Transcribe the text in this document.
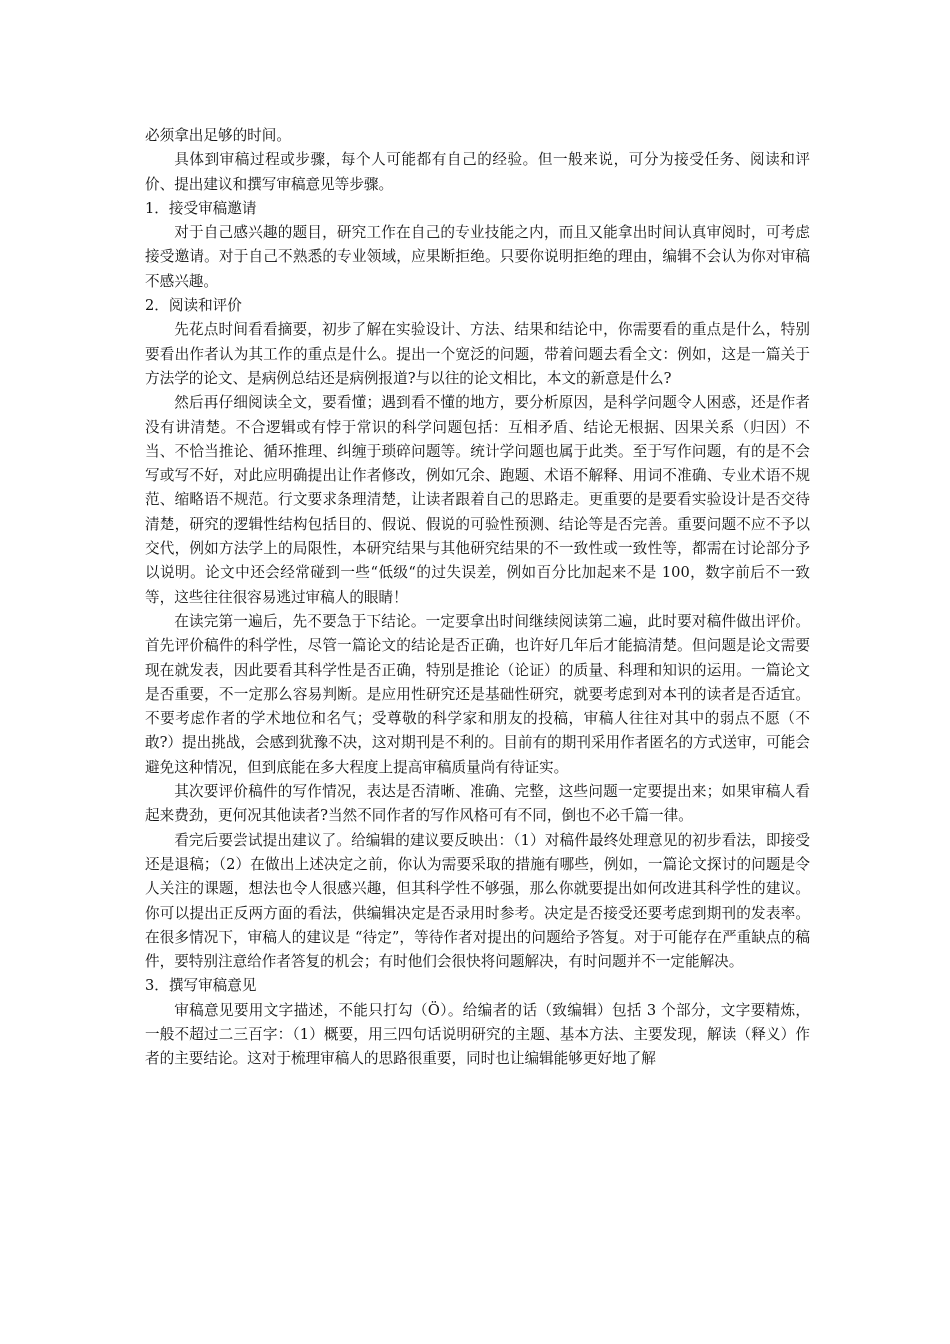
必须拿出足够的时间。

具体到审稿过程或步骤，每个人可能都有自己的经验。但一般来说，可分为接受任务、阅读和评价、提出建议和撰写审稿意见等步骤。

1．接受审稿邀请

对于自己感兴趣的题目，研究工作在自己的专业技能之内，而且又能拿出时间认真审阅时，可考虑接受邀请。对于自己不熟悉的专业领域，应果断拒绝。只要你说明拒绝的理由，编辑不会认为你对审稿不感兴趣。

2．阅读和评价

先花点时间看看摘要，初步了解在实验设计、方法、结果和结论中，你需要看的重点是什么，特别要看出作者认为其工作的重点是什么。提出一个宽泛的问题，带着问题去看全文：例如，这是一篇关于方法学的论文、是病例总结还是病例报道?与以往的论文相比，本文的新意是什么?

然后再仔细阅读全文，要看懂；遇到看不懂的地方，要分析原因，是科学问题令人困惑，还是作者没有讲清楚。不合逻辑或有悖于常识的科学问题包括：互相矛盾、结论无根据、因果关系（归因）不当、不恰当推论、循环推理、纠缠于琐碎问题等。统计学问题也属于此类。至于写作问题，有的是不会写或写不好，对此应明确提出让作者修改，例如冗余、跑题、术语不解释、用词不准确、专业术语不规范、缩略语不规范。行文要求条理清楚，让读者跟着自己的思路走。更重要的是要看实验设计是否交待清楚，研究的逻辑性结构包括目的、假说、假说的可验性预测、结论等是否完善。重要问题不应不予以交代，例如方法学上的局限性，本研究结果与其他研究结果的不一致性或一致性等，都需在讨论部分予以说明。论文中还会经常碰到一些“低级“的过失误差，例如百分比加起来不是 100，数字前后不一致等，这些往往很容易逃过审稿人的眼睛！

在读完第一遍后，先不要急于下结论。一定要拿出时间继续阅读第二遍，此时要对稿件做出评价。首先评价稿件的科学性，尽管一篇论文的结论是否正确，也许好几年后才能搞清楚。但问题是论文需要现在就发表，因此要看其科学性是否正确，特别是推论（论证）的质量、科理和知识的运用。一篇论文是否重要，不一定那么容易判断。是应用性研究还是基础性研究，就要考虑到对本刊的读者是否适宜。不要考虑作者的学术地位和名气；受尊敬的科学家和朋友的投稿，审稿人往往对其中的弱点不愿（不敢?）提出挑战，会感到犹豫不决，这对期刊是不利的。目前有的期刊采用作者匿名的方式送审，可能会避免这种情况，但到底能在多大程度上提高审稿质量尚有待证实。

其次要评价稿件的写作情况，表达是否清晰、准确、完整，这些问题一定要提出来；如果审稿人看起来费劲，更何况其他读者?当然不同作者的写作风格可有不同，倒也不必千篇一律。

看完后要尝试提出建议了。给编辑的建议要反映出：（1）对稿件最终处理意见的初步看法，即接受还是退稿；（2）在做出上述决定之前，你认为需要采取的措施有哪些，例如，一篇论文探讨的问题是令人关注的课题，想法也令人很感兴趣，但其科学性不够强，那么你就要提出如何改进其科学性的建议。你可以提出正反两方面的看法，供编辑决定是否录用时参考。决定是否接受还要考虑到期刊的发表率。在很多情况下，审稿人的建议是 “待定”，等待作者对提出的问题给予答复。对于可能存在严重缺点的稿件，要特别注意给作者答复的机会；有时他们会很快将问题解决，有时问题并不一定能解决。

3．撰写审稿意见

审稿意见要用文字描述，不能只打勾（Ö）。给编者的话（致编辑）包括 3 个部分，文字要精炼，一般不超过二三百字：（1）概要，用三四句话说明研究的主题、基本方法、主要发现，解读（释义）作者的主要结论。这对于梳理审稿人的思路很重要，同时也让编辑能够更好地了解
